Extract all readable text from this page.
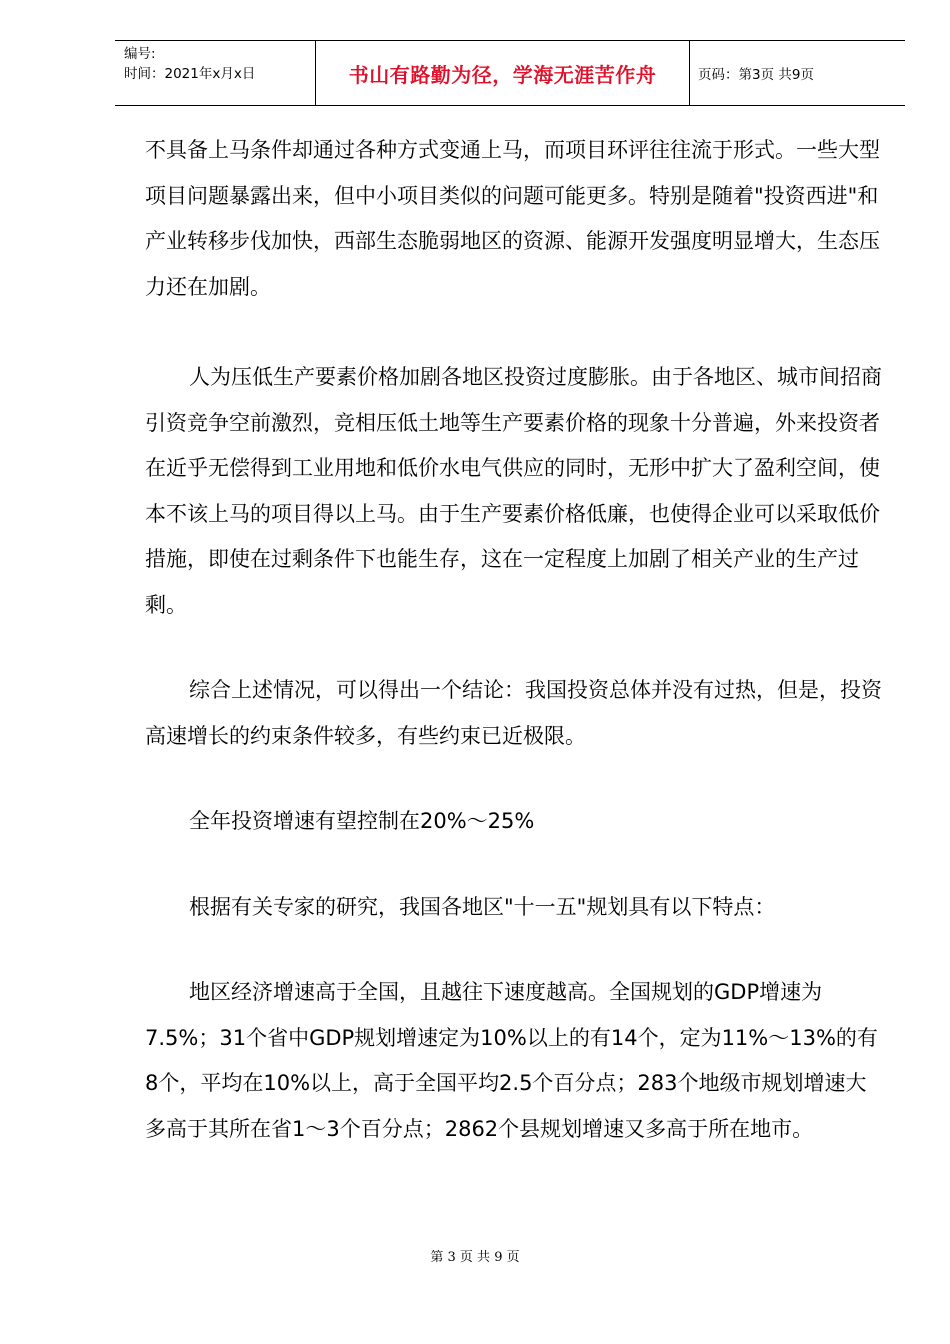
编号:
时间：2021年x月x日	书山有路勤为径，学海无涯苦作舟	页码：第3页 共9页

不具备上马条件却通过各种方式变通上马，而项目环评往往流于形式。一些大型项目问题暴露出来，但中小项目类似的问题可能更多。特别是随着"投资西进"和产业转移步伐加快，西部生态脆弱地区的资源、能源开发强度明显增大，生态压力还在加剧。

人为压低生产要素价格加剧各地区投资过度膨胀。由于各地区、城市间招商引资竞争空前激烈，竞相压低土地等生产要素价格的现象十分普遍，外来投资者在近乎无偿得到工业用地和低价水电气供应的同时，无形中扩大了盈利空间，使本不该上马的项目得以上马。由于生产要素价格低廉，也使得企业可以采取低价措施，即使在过剩条件下也能生存，这在一定程度上加剧了相关产业的生产过剩。

综合上述情况，可以得出一个结论：我国投资总体并没有过热，但是，投资高速增长的约束条件较多，有些约束已近极限。

全年投资增速有望控制在20%～25%

根据有关专家的研究，我国各地区"十一五"规划具有以下特点：

地区经济增速高于全国，且越往下速度越高。全国规划的GDP增速为7.5%；31个省中GDP规划增速定为10%以上的有14个，定为11%～13%的有8个，平均在10%以上，高于全国平均2.5个百分点；283个地级市规划增速大多高于其所在省1～3个百分点；2862个县规划增速又多高于所在地市。

第 3 页 共 9 页
